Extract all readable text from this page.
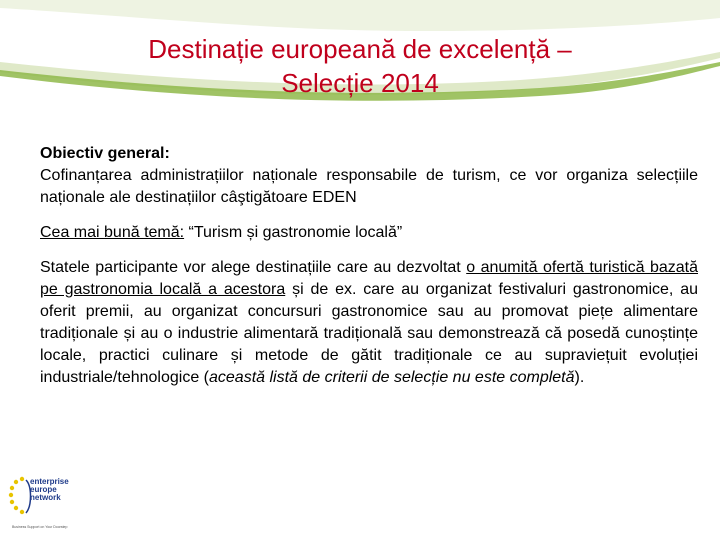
Destinație europeană de excelență –
Selecție 2014

Obiectiv general:

Cofinanțarea administrațiilor naționale responsabile de turism, ce vor organiza selecțiile naționale ale destinațiilor câştigătoare EDEN

Cea mai bună temă: “Turism și gastronomie locală”

Statele participante vor alege destinațiile care au dezvoltat o anumită ofertă turistică bazată pe gastronomia locală a acestora și de ex. care au organizat festivaluri gastronomice, au oferit premii, au organizat concursuri gastronomice sau au promovat piețe alimentare tradiționale și au o industrie alimentară tradițională sau demonstrează că posedă cunoștințe locale, practici culinare și metode de gătit tradiționale ce au supraviețuit evoluției industriale/tehnologice (această listă de criterii de selecție nu este completă).

enterprise
europe
network
Business Support on Your Doorstep
